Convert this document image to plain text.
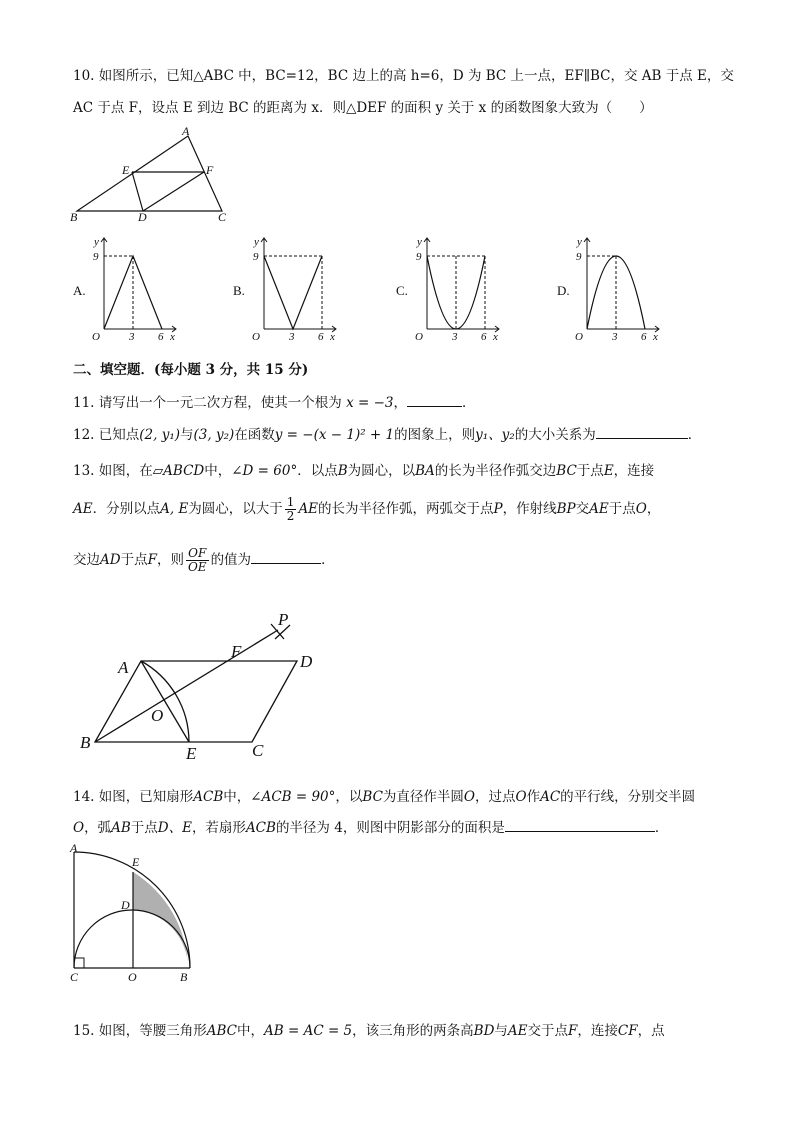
10. 如图所示，已知△ABC 中，BC=12，BC 边上的高 h=6，D 为 BC 上一点，EF∥BC，交 AB 于点 E，交
AC 于点 F，设点 E 到边 BC 的距离为 x．则△DEF 的面积 y 关于 x 的函数图象大致为（　　）
A
B	C
D
E	F
A.	B.	C.	D.
y
9
O	3 6 x
y
9
O	3 6 x
y
9
O	3 6 x
y
9
O	3 6 x
二、填空题．(每小题 3 分，共 15 分)
11. 请写出一个一元二次方程，使其一个根为 x = −3，	．
12. 已知点(2, y₁)与(3, y₂)在函数y = −(x − 1)² + 1的图象上，则y₁、y₂的大小关系为	．
13. 如图，在▱ABCD中，∠D = 60°．以点B为圆心，以BA的长为半径作弧交边BC于点E，连接
AE．分别以点A, E为圆心，以大于 $\frac{1}{2}$ AE的长为半径作弧，两弧交于点P，作射线BP交AE于点O，
交边AD于点F，则 $\frac{OF}{OE}$ 的值为	．
A
B	C
D
E
F
O
P
14. 如图，已知扇形ACB中，∠ACB = 90°，以BC为直径作半圆O，过点O作AC的平行线，分别交半圆
O，弧AB于点D、E，若扇形ACB的半径为 4，则图中阴影部分的面积是	．
A
C	O	B
D
E
15. 如图，等腰三角形ABC中，AB = AC = 5，该三角形的两条高BD与AE交于点F，连接CF，点
